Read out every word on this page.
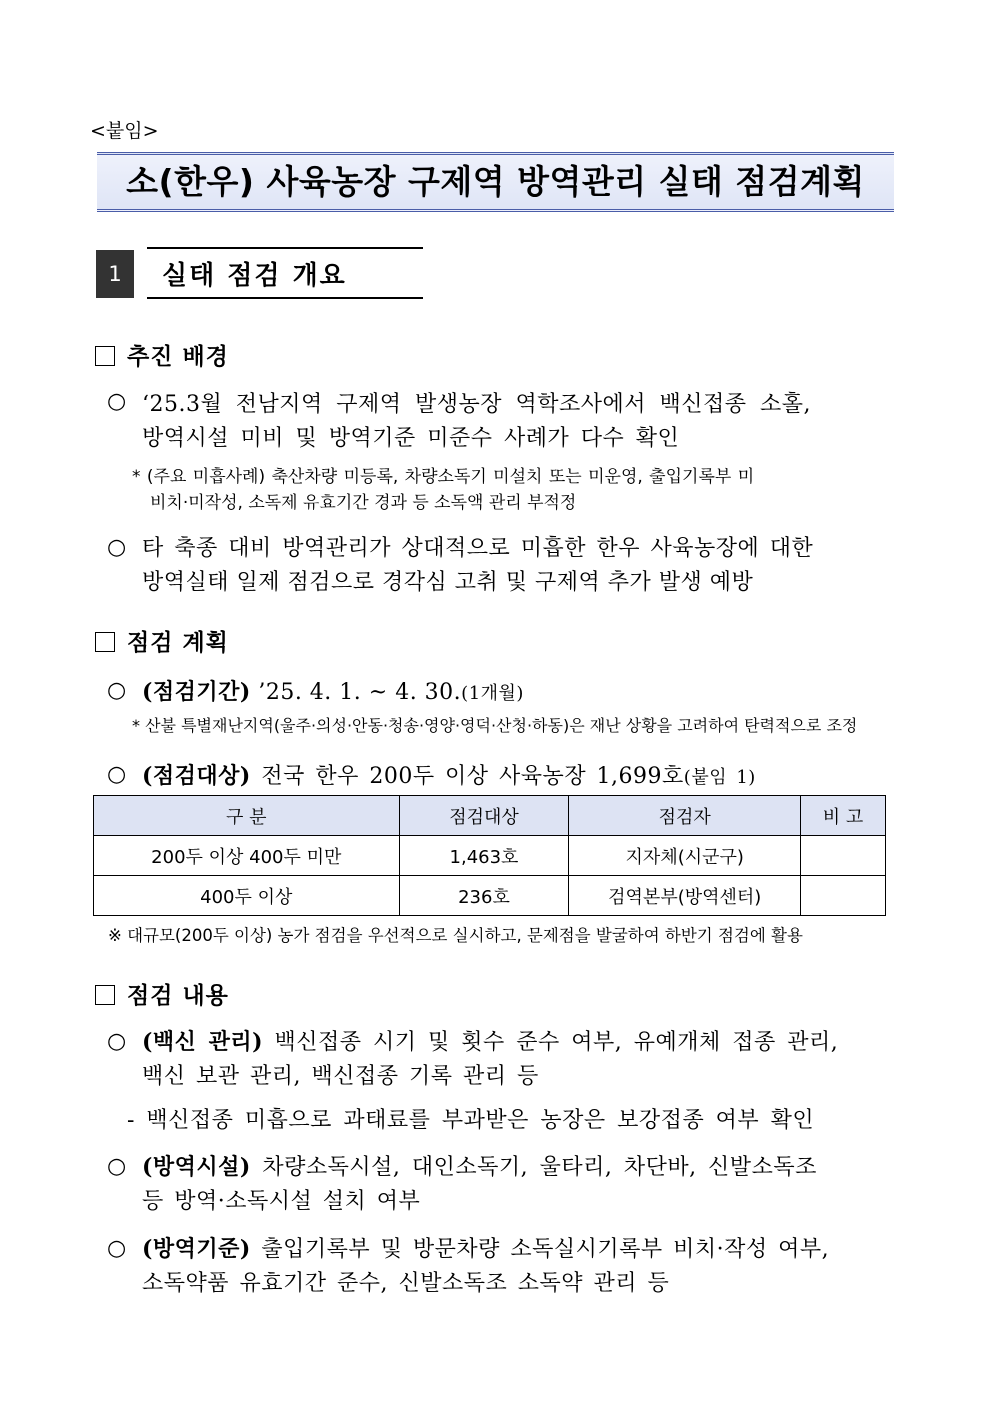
<붙임>
소(한우) 사육농장 구제역 방역관리 실태 점검계획
1	실태 점검 개요
추진 배경
○ ‘25.3월 전남지역 구제역 발생농장 역학조사에서 백신접종 소홀,
방역시설 미비 및 방역기준 미준수 사례가 다수 확인
* (주요 미흡사례) 축산차량 미등록, 차량소독기 미설치 또는 미운영, 출입기록부 미
비치·미작성, 소독제 유효기간 경과 등 소독액 관리 부적정
○ 타 축종 대비 방역관리가 상대적으로 미흡한 한우 사육농장에 대한
방역실태 일제 점검으로 경각심 고취 및 구제역 추가 발생 예방
점검 계획
○ (점검기간) ’25. 4. 1. ~ 4. 30.(1개월)
* 산불 특별재난지역(울주·의성·안동·청송·영양·영덕·산청·하동)은 재난 상황을 고려하여 탄력적으로 조정
○ (점검대상) 전국 한우 200두 이상 사육농장 1,699호(붙임 1)
구 분	점검대상	점검자	비 고
200두 이상 400두 미만	1,463호	지자체(시군구)	
400두 이상	236호	검역본부(방역센터)	
※ 대규모(200두 이상) 농가 점검을 우선적으로 실시하고, 문제점을 발굴하여 하반기 점검에 활용
점검 내용
○ (백신 관리) 백신접종 시기 및 횟수 준수 여부, 유예개체 접종 관리,
백신 보관 관리, 백신접종 기록 관리 등
- 백신접종 미흡으로 과태료를 부과받은 농장은 보강접종 여부 확인
○ (방역시설) 차량소독시설, 대인소독기, 울타리, 차단바, 신발소독조
등 방역·소독시설 설치 여부
○ (방역기준) 출입기록부 및 방문차량 소독실시기록부 비치·작성 여부,
소독약품 유효기간 준수, 신발소독조 소독약 관리 등
